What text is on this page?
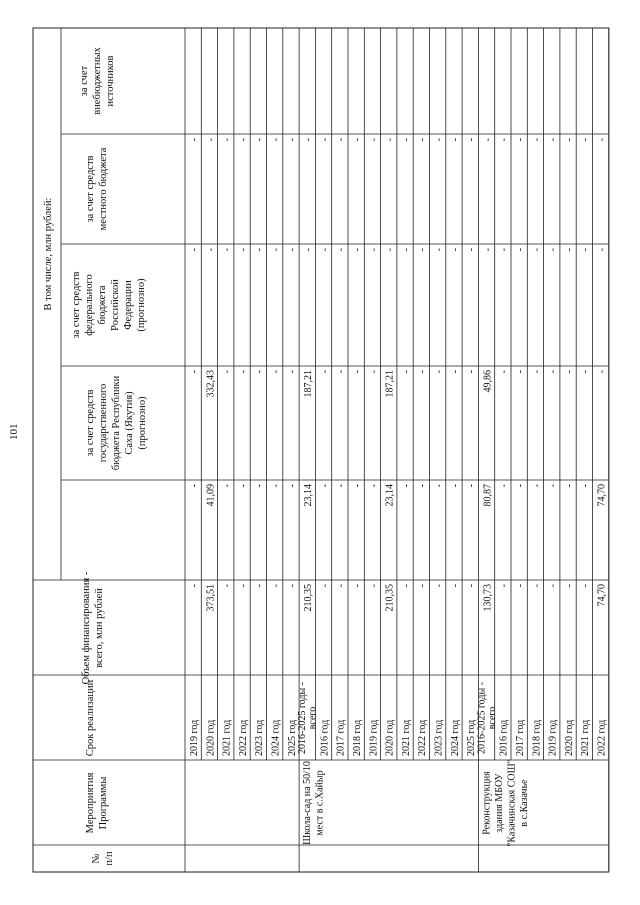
101
№ п/п
Мероприятия Программы
Срок реализации
Объем финансирования - всего, млн рублей
В том числе, млн рублей:
за счет средств государственного бюджета Республики Саха (Якутия) (прогнозно)
за счет средств федерального бюджета Российской Федерации (прогнозно)
за счет средств местного бюджета
за счет внебюджетных источников
2019 год
-
-
-
-
-
2020 год
373,51
41,09
332,43
-
-
2021 год
-
-
-
-
-
2022 год
-
-
-
-
-
2023 год
-
-
-
-
-
2024 год
-
-
-
-
-
2025 год
-
-
-
-
-
Школа-сад на 50/10 мест в с.Хайыр
2016-2025 годы - всего
210,35
23,14
187,21
-
-
2016 год
-
-
-
-
-
2017 год
-
-
-
-
-
2018 год
-
-
-
-
-
2019 год
-
-
-
-
-
2020 год
210,35
23,14
187,21
-
-
2021 год
-
-
-
-
-
2022 год
-
-
-
-
-
2023 год
-
-
-
-
-
2024 год
-
-
-
-
-
2025 год
-
-
-
-
-
Реконструкция здания МБОУ "Казачинская СОШ" в с.Казачье
2016-2025 годы - всего
130,73
80,87
49,86
-
-
2016 год
-
-
-
-
-
2017 год
-
-
-
-
-
2018 год
-
-
-
-
-
2019 год
-
-
-
-
-
2020 год
-
-
-
-
-
2021 год
-
-
-
-
-
2022 год
74,70
74,70
-
-
-
